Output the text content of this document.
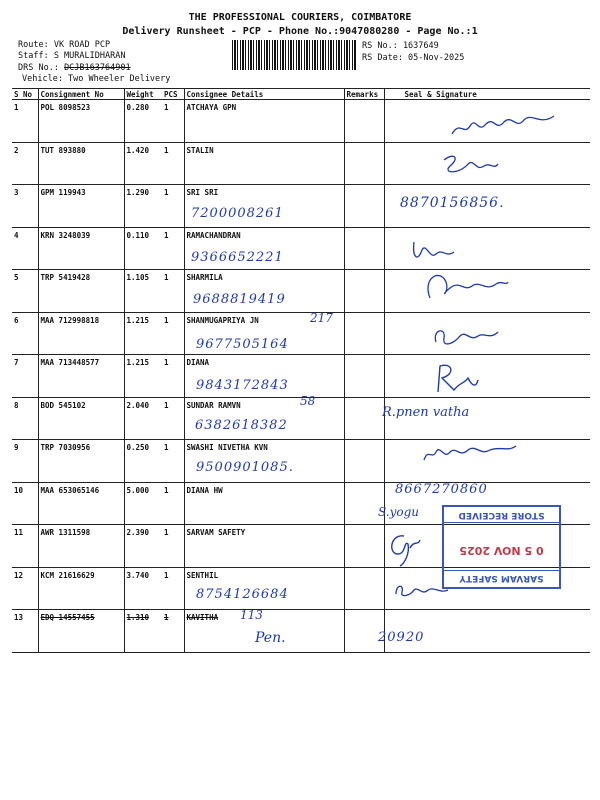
THE PROFESSIONAL COURIERS, COIMBATORE
Delivery Runsheet - PCP - Phone No.:9047080280 - Page No.:1
Route: VK ROAD PCP
Staff: S MURALIDHARAN
DRS No.: DCJB163764901
Vehicle: Two Wheeler Delivery
RS No.: 1637649
RS Date: 05-Nov-2025
S No	Consignment No	Weight	PCS	Consignee Details	Remarks	Seal & Signature
1	POL 8098523	0.280	1	ATCHAYA GPN		
2	TUT 893880	1.420	1	STALIN		
3	GPM 119943	1.290	1	SRI SRI		
4	KRN 3248039	0.110	1	RAMACHANDRAN		
5	TRP 5419428	1.105	1	SHARMILA		
6	MAA 712998818	1.215	1	SHANMUGAPRIYA JN		
7	MAA 713448577	1.215	1	DIANA		
8	BOD 545102	2.040	1	SUNDAR RAMVN		
9	TRP 7030956	0.250	1	SWASHI NIVETHA KVN		
10	MAA 653065146	5.000	1	DIANA HW		
11	AWR 1311598	2.390	1	SARVAM SAFETY		
12	KCM 21616629	3.740	1	SENTHIL		
13	EDQ 14557455	1.310	1	KAVITHA		
7200008261
8870156856.
9366652221
9688819419
217
9677505164
9843172843
58
6382618382
R.pnen vatha
9500901085.
8667270860
S.yogu
8754126684
113
Pen.	20920
SARVAM SAFETY
0 5 NOV 2025
STORE RECEIVED
